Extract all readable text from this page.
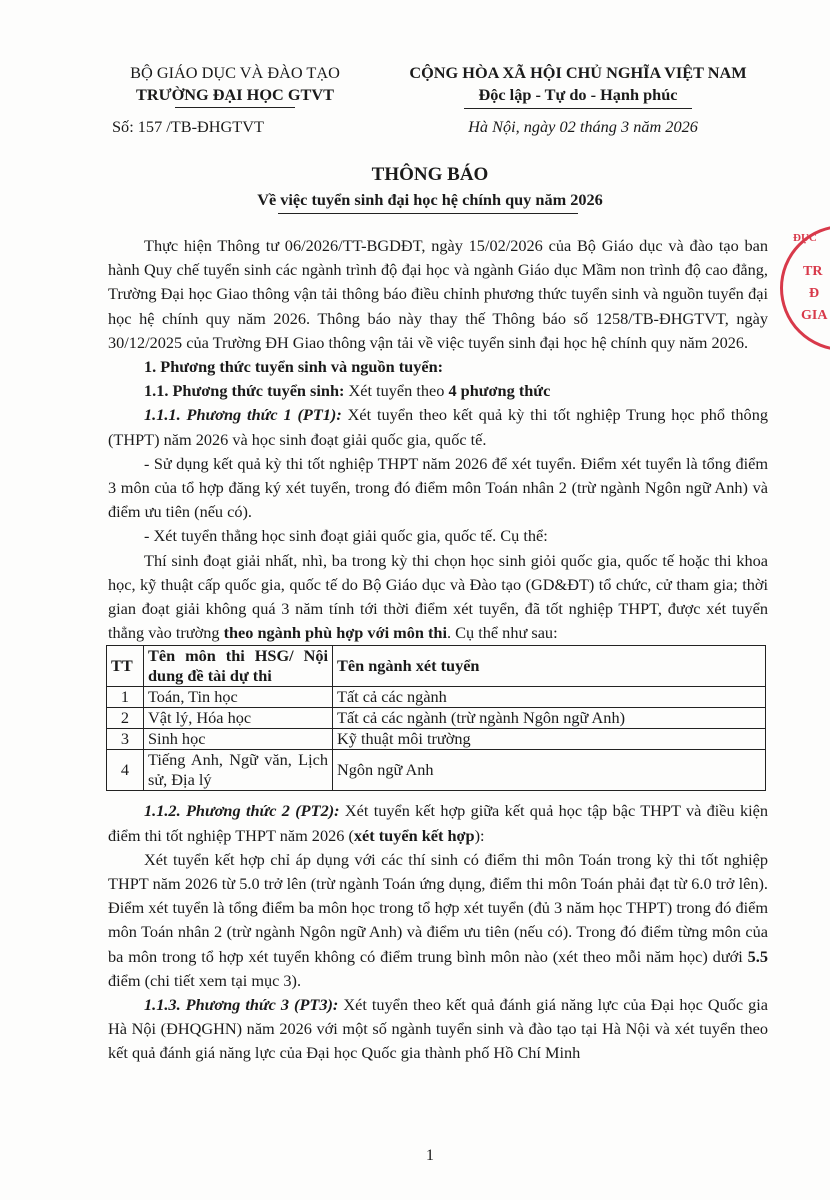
BỘ GIÁO DỤC VÀ ĐÀO TẠO
TRƯỜNG ĐẠI HỌC GTVT
Số: 157 /TB-ĐHGTVT
CỘNG HÒA XÃ HỘI CHỦ NGHĨA VIỆT NAM
Độc lập - Tự do - Hạnh phúc
Hà Nội, ngày 02 tháng 3 năm 2026
THÔNG BÁO
Về việc tuyển sinh đại học hệ chính quy năm 2026
ĐỤC
TR
Đ
GIA

Thực hiện Thông tư 06/2026/TT-BGDĐT, ngày 15/02/2026 của Bộ Giáo dục và đào tạo ban hành Quy chế tuyển sinh các ngành trình độ đại học và ngành Giáo dục Mầm non trình độ cao đẳng, Trường Đại học Giao thông vận tải thông báo điều chỉnh phương thức tuyển sinh và nguồn tuyển đại học hệ chính quy năm 2026. Thông báo này thay thế Thông báo số 1258/TB-ĐHGTVT, ngày 30/12/2025 của Trường ĐH Giao thông vận tải về việc tuyển sinh đại học hệ chính quy năm 2026.

1. Phương thức tuyển sinh và nguồn tuyển:

1.1. Phương thức tuyển sinh: Xét tuyển theo 4 phương thức

1.1.1. Phương thức 1 (PT1): Xét tuyển theo kết quả kỳ thi tốt nghiệp Trung học phổ thông (THPT) năm 2026 và học sinh đoạt giải quốc gia, quốc tế.

- Sử dụng kết quả kỳ thi tốt nghiệp THPT năm 2026 để xét tuyển. Điểm xét tuyển là tổng điểm 3 môn của tổ hợp đăng ký xét tuyển, trong đó điểm môn Toán nhân 2 (trừ ngành Ngôn ngữ Anh) và điểm ưu tiên (nếu có).

- Xét tuyển thẳng học sinh đoạt giải quốc gia, quốc tế. Cụ thể:

Thí sinh đoạt giải nhất, nhì, ba trong kỳ thi chọn học sinh giỏi quốc gia, quốc tế hoặc thi khoa học, kỹ thuật cấp quốc gia, quốc tế do Bộ Giáo dục và Đào tạo (GD&ĐT) tổ chức, cử tham gia; thời gian đoạt giải không quá 3 năm tính tới thời điểm xét tuyển, đã tốt nghiệp THPT, được xét tuyển thẳng vào trường theo ngành phù hợp với môn thi. Cụ thể như sau:

TT	Tên môn thi HSG/ Nội dung đề tài dự thi	Tên ngành xét tuyển
1	Toán, Tin học	Tất cả các ngành
2	Vật lý, Hóa học	Tất cả các ngành (trừ ngành Ngôn ngữ Anh)
3	Sinh học	Kỹ thuật môi trường
4	Tiếng Anh, Ngữ văn, Lịch sử, Địa lý	Ngôn ngữ Anh

1.1.2. Phương thức 2 (PT2): Xét tuyển kết hợp giữa kết quả học tập bậc THPT và điều kiện điểm thi tốt nghiệp THPT năm 2026 (xét tuyển kết hợp):

Xét tuyển kết hợp chỉ áp dụng với các thí sinh có điểm thi môn Toán trong kỳ thi tốt nghiệp THPT năm 2026 từ 5.0 trở lên (trừ ngành Toán ứng dụng, điểm thi môn Toán phải đạt từ 6.0 trở lên). Điểm xét tuyển là tổng điểm ba môn học trong tổ hợp xét tuyển (đủ 3 năm học THPT) trong đó điểm môn Toán nhân 2 (trừ ngành Ngôn ngữ Anh) và điểm ưu tiên (nếu có). Trong đó điểm từng môn của ba môn trong tổ hợp xét tuyển không có điểm trung bình môn nào (xét theo mỗi năm học) dưới 5.5 điểm (chi tiết xem tại mục 3).

1.1.3. Phương thức 3 (PT3): Xét tuyển theo kết quả đánh giá năng lực của Đại học Quốc gia Hà Nội (ĐHQGHN) năm 2026 với một số ngành tuyển sinh và đào tạo tại Hà Nội và xét tuyển theo kết quả đánh giá năng lực của Đại học Quốc gia thành phố Hồ Chí Minh

1
